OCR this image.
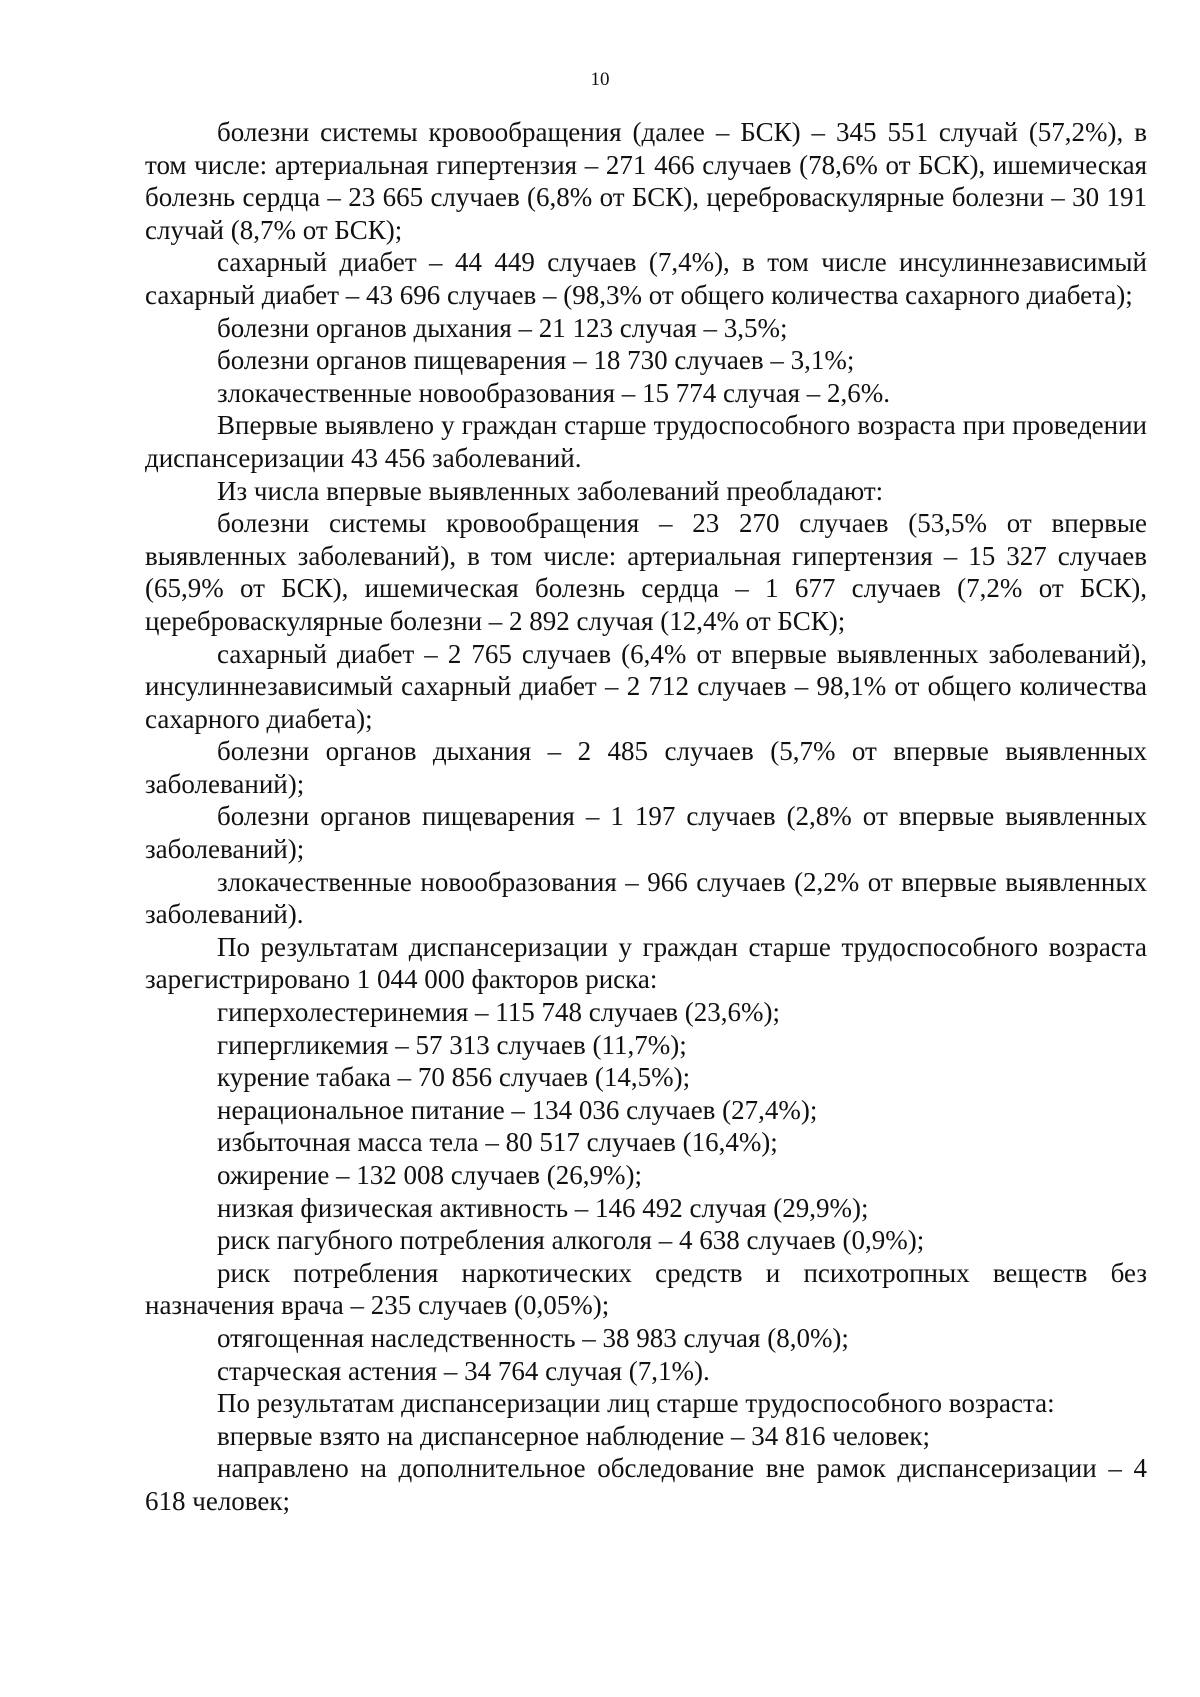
10

болезни системы кровообращения (далее – БСК) – 345 551 случай (57,2%), в том числе: артериальная гипертензия – 271 466 случаев (78,6% от БСК), ишемическая болезнь сердца – 23 665 случаев (6,8% от БСК), цереброваскулярные болезни – 30 191 случай (8,7% от БСК);

сахарный диабет – 44 449 случаев (7,4%), в том числе инсулиннезависимый сахарный диабет – 43 696 случаев – (98,3% от общего количества сахарного диабета);

болезни органов дыхания – 21 123 случая – 3,5%;

болезни органов пищеварения – 18 730 случаев – 3,1%;

злокачественные новообразования – 15 774 случая – 2,6%.

Впервые выявлено у граждан старше трудоспособного возраста при проведении диспансеризации 43 456 заболеваний.

Из числа впервые выявленных заболеваний преобладают:

болезни системы кровообращения – 23 270 случаев (53,5% от впервые выявленных заболеваний), в том числе: артериальная гипертензия – 15 327 случаев (65,9% от БСК), ишемическая болезнь сердца – 1 677 случаев (7,2% от БСК), цереброваскулярные болезни – 2 892 случая (12,4% от БСК);

сахарный диабет – 2 765 случаев (6,4% от впервые выявленных заболеваний), инсулиннезависимый сахарный диабет – 2 712 случаев – 98,1% от общего количества сахарного диабета);

болезни органов дыхания – 2 485 случаев (5,7% от впервые выявленных заболеваний);

болезни органов пищеварения – 1 197 случаев (2,8% от впервые выявленных заболеваний);

злокачественные новообразования – 966 случаев (2,2% от впервые выявленных заболеваний).

По результатам диспансеризации у граждан старше трудоспособного возраста зарегистрировано 1 044 000 факторов риска:

гиперхолестеринемия – 115 748 случаев (23,6%);

гипергликемия – 57 313 случаев (11,7%);

курение табака – 70 856 случаев (14,5%);

нерациональное питание – 134 036 случаев (27,4%);

избыточная масса тела – 80 517 случаев (16,4%);

ожирение – 132 008 случаев (26,9%);

низкая физическая активность – 146 492 случая (29,9%);

риск пагубного потребления алкоголя – 4 638 случаев (0,9%);

риск потребления наркотических средств и психотропных веществ без назначения врача – 235 случаев (0,05%);

отягощенная наследственность – 38 983 случая (8,0%);

старческая астения – 34 764 случая (7,1%).

По результатам диспансеризации лиц старше трудоспособного возраста:

впервые взято на диспансерное наблюдение – 34 816 человек;

направлено на дополнительное обследование вне рамок диспансеризации – 4 618 человек;
